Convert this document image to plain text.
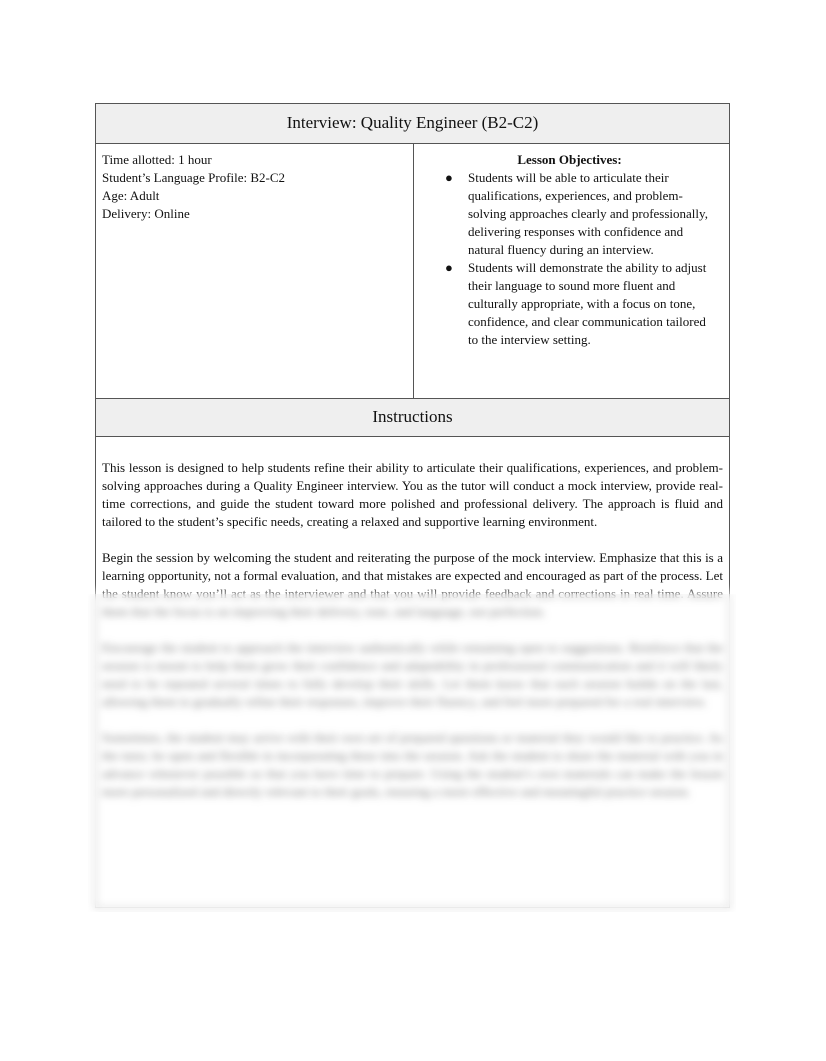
Interview: Quality Engineer (B2-C2)
Time allotted: 1 hour
Student’s Language Profile: B2-C2
Age: Adult
Delivery: Online
Lesson Objectives:
● Students will be able to articulate their qualifications, experiences, and problem-solving approaches clearly and professionally, delivering responses with confidence and natural fluency during an interview.
● Students will demonstrate the ability to adjust their language to sound more fluent and culturally appropriate, with a focus on tone, confidence, and clear communication tailored to the interview setting.
Instructions

This lesson is designed to help students refine their ability to articulate their qualifications, experiences, and problem-solving approaches during a Quality Engineer interview. You as the tutor will conduct a mock interview, provide real-time corrections, and guide the student toward more polished and professional delivery. The approach is fluid and tailored to the student’s specific needs, creating a relaxed and supportive learning environment.

Begin the session by welcoming the student and reiterating the purpose of the mock interview. Emphasize that this is a learning opportunity, not a formal evaluation, and that mistakes are expected and encouraged as part of the process. Let the student know you’ll act as the interviewer and that you will provide feedback and corrections in real time. Assure them that the focus is on improving their delivery, tone, and language, not perfection.

Encourage the student to approach the interview authentically while remaining open to suggestions. Reinforce that the session is meant to help them grow their confidence and adaptability in professional communication and it will likely need to be repeated several times to fully develop their skills. Let them know that each session builds on the last, allowing them to gradually refine their responses, improve their fluency, and feel more prepared for a real interview.

Sometimes, the student may arrive with their own set of prepared questions or material they would like to practice. As the tutor, be open and flexible in incorporating these into the session. Ask the student to share the material with you in advance whenever possible so that you have time to prepare. Using the student’s own materials can make the lesson more personalized and directly relevant to their goals, ensuring a more effective and meaningful practice session.
